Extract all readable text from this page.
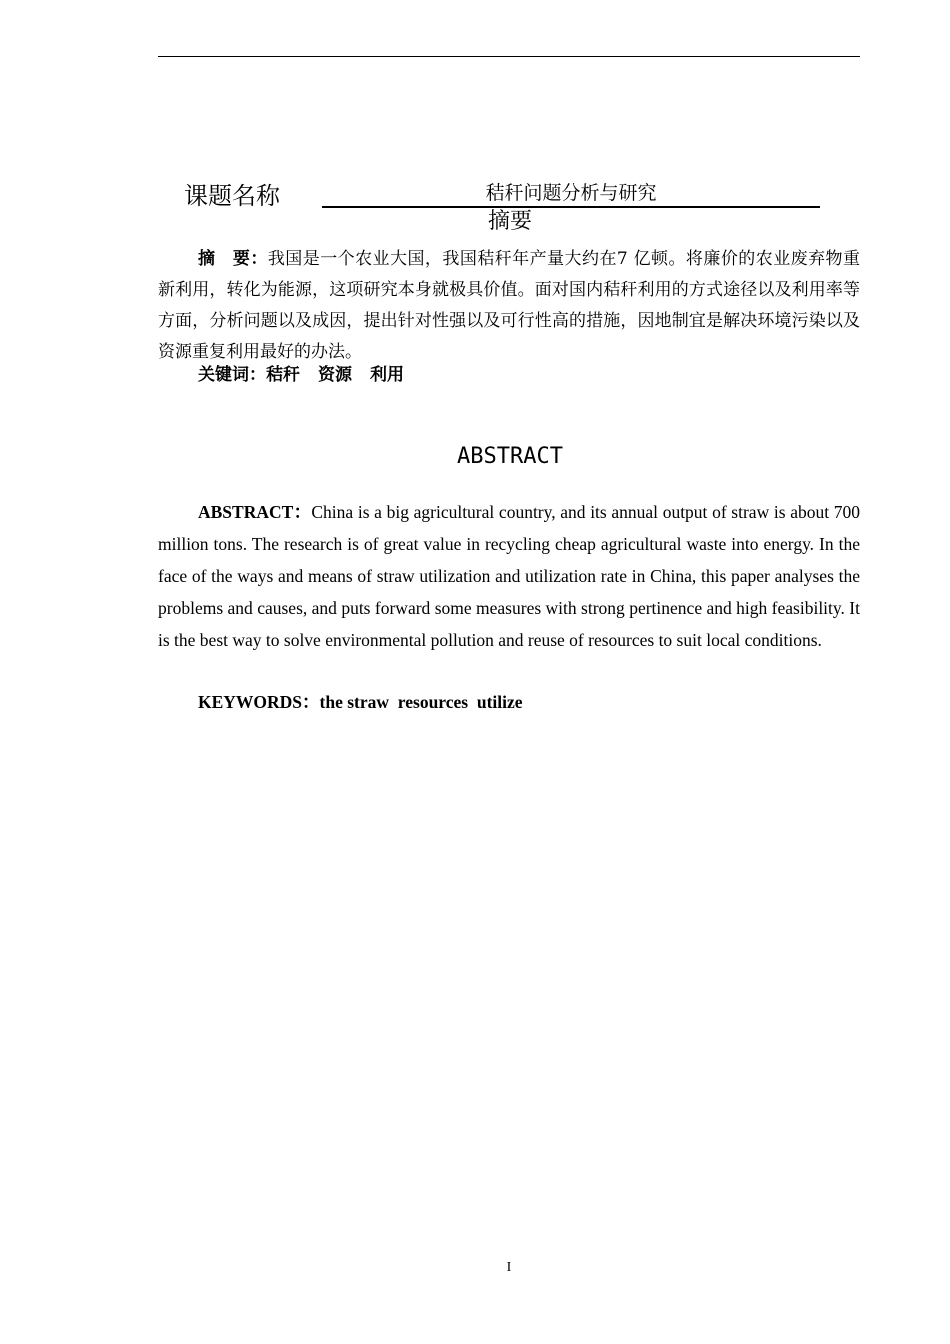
课题名称	秸秆问题分析与研究
摘要

摘　要：我国是一个农业大国，我国秸秆年产量大约在7 亿顿。将廉价的农业废弃物重新利用，转化为能源，这项研究本身就极具价值。面对国内秸秆利用的方式途径以及利用率等方面，分析问题以及成因，提出针对性强以及可行性高的措施，因地制宜是解决环境污染以及资源重复利用最好的办法。

关键词：秸秆 资源 利用
ABSTRACT

ABSTRACT：China is a big agricultural country, and its annual output of straw is about 700 million tons. The research is of great value in recycling cheap agricultural waste into energy. In the face of the ways and means of straw utilization and utilization rate in China, this paper analyses the problems and causes, and puts forward some measures with strong pertinence and high feasibility. It is the best way to solve environmental pollution and reuse of resources to suit local conditions.

KEYWORDS：the straw  resources  utilize
I
